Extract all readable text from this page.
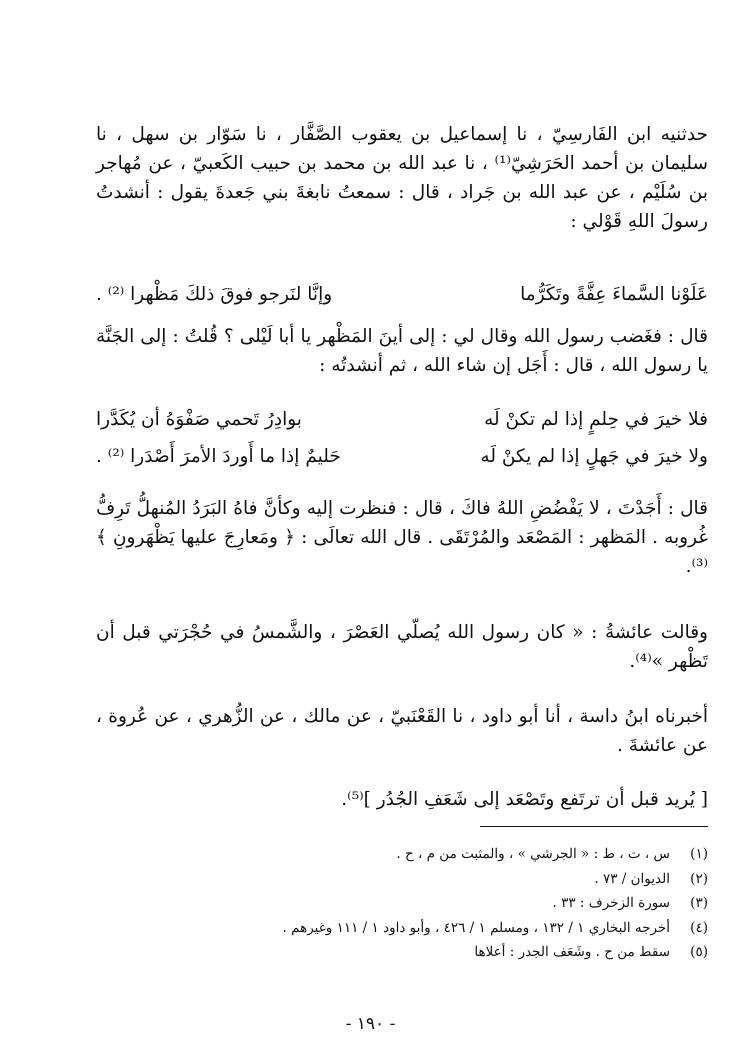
حدثنيه ابن الفَارسِيّ ، نا إسماعيل بن يعقوب الصَّفَّار ، نا سَوّار بن سهل ، نا سليمان بن أحمد الحَرَشِيّ⁽¹⁾ ، نا عبد الله بن محمد بن حبيب الكَعبيّ ، عن مُهاجر بن سُلَيْم ، عن عبد الله بن جَراد ، قال : سمعتُ نابغةَ بني جَعدةَ يقول : أنشدتُ رسولَ اللهِ قَوْلي :

عَلَوْنا السَّماءَ عِفَّةً وتَكَرُّما
وإنَّا لنَرجو فوقَ ذلكَ مَظْهرا ⁽²⁾ .

قال : فغَضب رسول الله وقال لي : إلى أينَ المَظْهر يا أبا لَيْلى ؟ قُلتُ : إلى الجَنَّة يا رسول الله ، قال : أَجَل إن شاء الله ، ثم أنشدتُه :

فلا خيرَ في حِلمٍ إذا لم تكنْ لَه
بوادِرُ تَحمي صَفْوَهُ أن يُكَدَّرا
ولا خيرَ في جَهلٍ إذا لم يكنْ لَه
حَليمٌ إذا ما أَوردَ الأمرَ أَصْدَرا ⁽²⁾ .

قال : أَجَدْتَ ، لا يَفْضُضِ اللهُ فاكَ ، قال : فنظرت إليه وكأنَّ فاهُ البَرَدُ المُنهلُّ تَرِفُّ غُروبه . المَظهر : المَصْعَد والمُرْتَقَى . قال الله تعالَى : ﴿ ومَعارِجَ عليها يَظْهَرونِ ﴾⁽³⁾.

وقالت عائشةُ : « كان رسول الله يُصلّي العَصْرَ ، والشَّمسُ في حُجْرَتي قبل أن تَظْهر »⁽⁴⁾.

أخبرناه ابنُ داسة ، أنا أبو داود ، نا القَعْنَبيّ ، عن مالك ، عن الزُّهري ، عن عُروة ، عن عائشةَ .

[ يُريد قبل أن ترتَفع وتَصْعَد إلى شَعَفِ الجُدُر ]⁽⁵⁾.

(١)
س ، ت ، ط : « الجرشي » ، والمثبت من م ، ح .
(٢)
الديوان / ٧٣ .
(٣)
سورة الزخرف : ٣٣ .
(٤)
أخرجه البخاري ١ / ١٣٢ ، ومسلم ١ / ٤٢٦ ، وأبو داود ١ / ١١١ وغيرهم .
(٥)
سقط من ح . وشَعَف الجدر : أعلاها
- ١٩٠ -
